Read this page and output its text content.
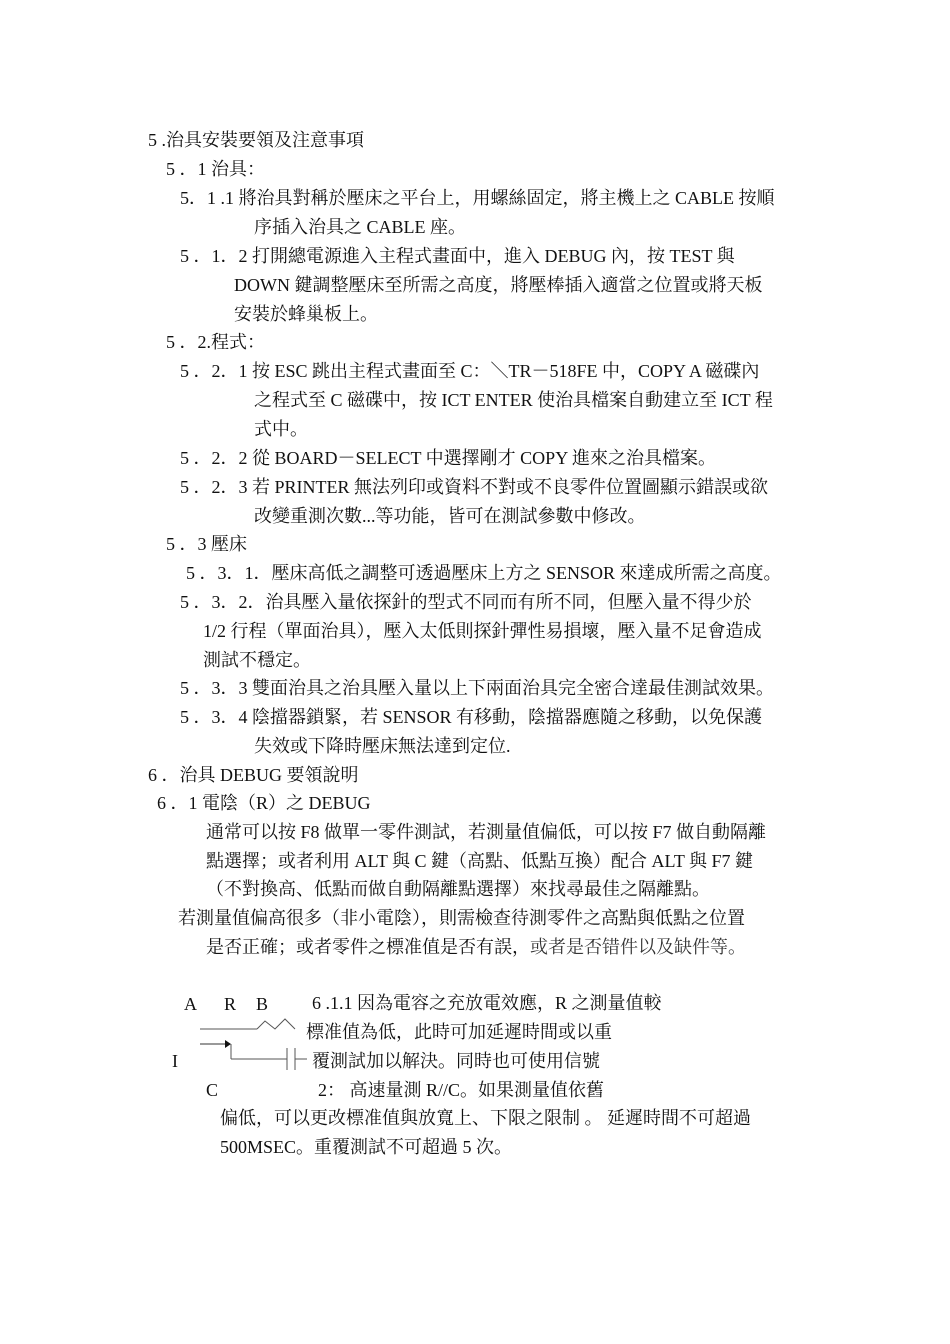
5 .治具安裝要領及注意事項
5 ．1 治具：
5．1 .1 將治具對稱於壓床之平台上，用螺絲固定，將主機上之 CABLE 按順
序插入治具之 CABLE 座。
5 ．1．2 打開總電源進入主程式畫面中，進入 DEBUG 內，按 TEST 與
DOWN 鍵調整壓床至所需之高度，將壓棒插入適當之位置或將天板
安裝於蜂巢板上。
5 ．2.程式：
5 ．2．1 按 ESC 跳出主程式畫面至 C：＼TR－518FE 中，COPY A 磁碟內
之程式至 C 磁碟中，按 ICT ENTER 使治具檔案自動建立至 ICT 程
式中。
5 ．2．2 從 BOARD－SELECT 中選擇剛才 COPY 進來之治具檔案。
5 ．2．3 若 PRINTER 無法列印或資料不對或不良零件位置圖顯示錯誤或欲
改變重測次數...等功能，皆可在測試參數中修改。
5 ．3 壓床
5 ．3．1．壓床高低之調整可透過壓床上方之 SENSOR 來達成所需之高度。
5 ．3．2．治具壓入量依探針的型式不同而有所不同，但壓入量不得少於
1/2 行程（單面治具），壓入太低則探針彈性易損壞，壓入量不足會造成
測試不穩定。
5 ．3．3 雙面治具之治具壓入量以上下兩面治具完全密合達最佳測試效果。
5 ．3．4 陰擋器鎖緊，若 SENSOR 有移動，陰擋器應隨之移動，以免保護
失效或下降時壓床無法達到定位.
6 ．治具 DEBUG 要領說明
6 ．1 電陰（R）之 DEBUG
通常可以按 F8 做單一零件測試，若測量值偏低，可以按 F7 做自動隔離
點選擇；或者利用 ALT 與 C 鍵（高點、低點互換）配合 ALT 與 F7 鍵
（不對換高、低點而做自動隔離點選擇）來找尋最佳之隔離點。
若測量值偏高很多（非小電陰），則需檢查待測零件之高點與低點之位置
是否正確；或者零件之標准值是否有誤，或者是否错件以及缺件等。
A R B
I
C
6 .1.1 因為電容之充放電效應，R 之測量值較
標准值為低，此時可加延遲時間或以重
覆測試加以解決。同時也可使用信號
2： 高速量測 R//C。如果測量值依舊
偏低，可以更改標准值與放寬上、下限之限制 。 延遲時間不可超過
500MSEC。重覆測試不可超過 5 次。
